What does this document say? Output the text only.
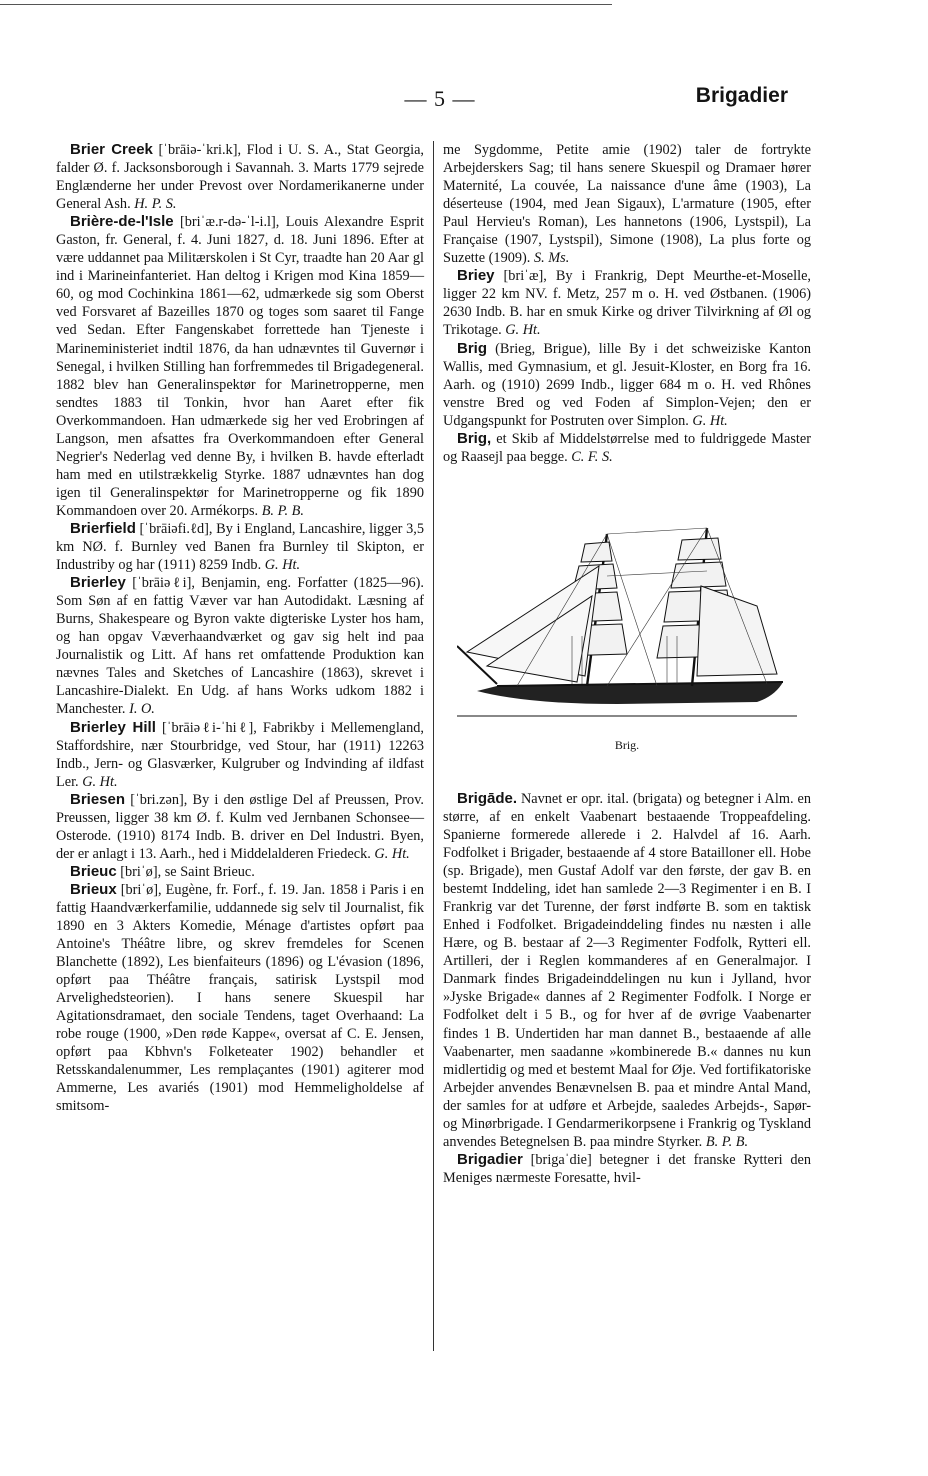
— 5 —	Brigadier

Brier Creek [ˈbrāiə-ˈkri.k], Flod i U. S. A., Stat Georgia, falder Ø. f. Jacksonsborough i Savannah. 3. Marts 1779 sejrede Englænderne her under Prevost over Nordamerikanerne under General Ash. H. P. S.

Brière-de-l'Isle [briˈæ.r-də-ˈl-i.l], Louis Alexandre Esprit Gaston, fr. General, f. 4. Juni 1827, d. 18. Juni 1896. Efter at være uddannet paa Militærskolen i St Cyr, traadte han 20 Aar gl ind i Marineinfanteriet. Han deltog i Krigen mod Kina 1859—60, og mod Cochinkina 1861—62, udmærkede sig som Oberst ved Forsvaret af Bazeilles 1870 og toges som saaret til Fange ved Sedan. Efter Fangenskabet forrettede han Tjeneste i Marineministeriet indtil 1876, da han udnævntes til Guvernør i Senegal, i hvilken Stilling han forfremmedes til Brigadegeneral. 1882 blev han Generalinspektør for Marinetropperne, men sendtes 1883 til Tonkin, hvor han Aaret efter fik Overkommandoen. Han udmærkede sig her ved Erobringen af Langson, men afsattes fra Overkommandoen efter General Negrier's Nederlag ved denne By, i hvilken B. havde efterladt ham med en utilstrækkelig Styrke. 1887 udnævntes han dog igen til Generalinspektør for Marinetropperne og fik 1890 Kommandoen over 20. Armékorps. B. P. B.

Brierfield [ˈbrāiəfi.ℓd], By i England, Lancashire, ligger 3,5 km NØ. f. Burnley ved Banen fra Burnley til Skipton, er Industriby og har (1911) 8259 Indb. G. Ht.

Brierley [ˈbrāiəℓi], Benjamin, eng. Forfatter (1825—96). Som Søn af en fattig Væver var han Autodidakt. Læsning af Burns, Shakespeare og Byron vakte digteriske Lyster hos ham, og han opgav Væverhaandværket og gav sig helt ind paa Journalistik og Litt. Af hans ret omfattende Produktion kan nævnes Tales and Sketches of Lancashire (1863), skrevet i Lancashire-Dialekt. En Udg. af hans Works udkom 1882 i Manchester. I. O.

Brierley Hill [ˈbrāiəℓi-ˈhiℓ], Fabrikby i Mellemengland, Staffordshire, nær Stourbridge, ved Stour, har (1911) 12263 Indb., Jern- og Glasværker, Kulgruber og Indvinding af ildfast Ler. G. Ht.

Briesen [ˈbri.zən], By i den østlige Del af Preussen, Prov. Preussen, ligger 38 km Ø. f. Kulm ved Jernbanen Schonsee—Osterode. (1910) 8174 Indb. B. driver en Del Industri. Byen, der er anlagt i 13. Aarh., hed i Middelalderen Friedeck. G. Ht.

Brieuc [briˈø], se Saint Brieuc.

Brieux [briˈø], Eugène, fr. Forf., f. 19. Jan. 1858 i Paris i en fattig Haandværkerfamilie, uddannede sig selv til Journalist, fik 1890 en 3 Akters Komedie, Ménage d'artistes opført paa Antoine's Théâtre libre, og skrev fremdeles for Scenen Blanchette (1892), Les bienfaiteurs (1896) og L'évasion (1896, opført paa Théâtre français, satirisk Lystspil mod Arvelighedsteorien). I hans senere Skuespil har Agitationsdramaet, den sociale Tendens, taget Overhaand: La robe rouge (1900, »Den røde Kappe«, oversat af C. E. Jensen, opført paa Kbhvn's Folketeater 1902) behandler et Retsskandalenummer, Les remplaçantes (1901) agiterer mod Ammerne, Les avariés (1901) mod Hemmeligholdelse af smitsom-

me Sygdomme, Petite amie (1902) taler de fortrykte Arbejderskers Sag; til hans senere Skuespil og Dramaer hører Maternité, La couvée, La naissance d'une âme (1903), La déserteuse (1904, med Jean Sigaux), L'armature (1905, efter Paul Hervieu's Roman), Les hannetons (1906, Lystspil), La Française (1907, Lystspil), Simone (1908), La plus forte og Suzette (1909). S. Ms.

Briey [briˈæ], By i Frankrig, Dept Meurthe-et-Moselle, ligger 22 km NV. f. Metz, 257 m o. H. ved Østbanen. (1906) 2630 Indb. B. har en smuk Kirke og driver Tilvirkning af Øl og Trikotage. G. Ht.

Brig (Brieg, Brigue), lille By i det schweiziske Kanton Wallis, med Gymnasium, et gl. Jesuit-Kloster, en Borg fra 16. Aarh. og (1910) 2699 Indb., ligger 684 m o. H. ved Rhônes venstre Bred og ved Foden af Simplon-Vejen; den er Udgangspunkt for Postruten over Simplon. G. Ht.

Brig, et Skib af Middelstørrelse med to fuldriggede Master og Raasejl paa begge. C. F. S.

Brig.

Brigāde. Navnet er opr. ital. (brigata) og betegner i Alm. en større, af en enkelt Vaabenart bestaaende Troppeafdeling. Spanierne formerede allerede i 2. Halvdel af 16. Aarh. Fodfolket i Brigader, bestaaende af 4 store Batailloner ell. Hobe (sp. Brigade), men Gustaf Adolf var den første, der gav B. en bestemt Inddeling, idet han samlede 2—3 Regimenter i en B. I Frankrig var det Turenne, der først indførte B. som en taktisk Enhed i Fodfolket. Brigadeinddeling findes nu næsten i alle Hære, og B. bestaar af 2—3 Regimenter Fodfolk, Rytteri ell. Artilleri, der i Reglen kommanderes af en Generalmajor. I Danmark findes Brigadeinddelingen nu kun i Jylland, hvor »Jyske Brigade« dannes af 2 Regimenter Fodfolk. I Norge er Fodfolket delt i 5 B., og for hver af de øvrige Vaabenarter findes 1 B. Undertiden har man dannet B., bestaaende af alle Vaabenarter, men saadanne »kombinerede B.« dannes nu kun midlertidig og med et bestemt Maal for Øje. Ved fortifikatoriske Arbejder anvendes Benævnelsen B. paa et mindre Antal Mand, der samles for at udføre et Arbejde, saaledes Arbejds-, Sapør- og Minørbrigade. I Gendarmerikorpsene i Frankrig og Tyskland anvendes Betegnelsen B. paa mindre Styrker. B. P. B.

Brigadier [brigaˈdie] betegner i det franske Rytteri den Meniges nærmeste Foresatte, hvil-
